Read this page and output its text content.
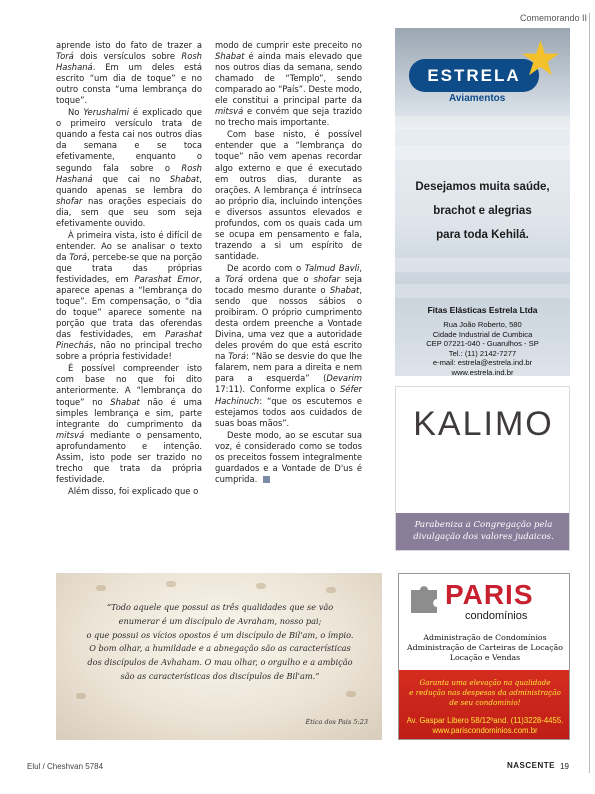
Comemorando II

aprende isto do fato de trazer a Torá dois versículos sobre Rosh Hashaná. Em um deles está escrito “um dia de toque” e no outro consta “uma lembrança do toque”.

No Yerushalmi é explicado que o primeiro versículo trata de quando a festa cai nos outros dias da semana e se toca efetivamente, enquanto o segundo fala sobre o Rosh Hashaná que cai no Shabat, quando apenas se lembra do shofar nas orações especiais do dia, sem que seu som seja efetivamente ouvido.

À primeira vista, isto é difícil de entender. Ao se analisar o texto da Torá, percebe-se que na porção que trata das próprias festividades, em Parashat Emor, aparece apenas a “lembrança do toque”. Em compensação, o “dia do toque” aparece somente na porção que trata das oferendas das festividades, em Parashat Pinechás, não no principal trecho sobre a própria festividade!

É possível compreender isto com base no que foi dito anteriormente. A “lembrança do toque” no Shabat não é uma simples lembrança e sim, parte integrante do cumprimento da mitsvá mediante o pensamento, aprofundamento e intenção. Assim, isto pode ser trazido no trecho que trata da própria festividade.

Além disso, foi explicado que o

modo de cumprir este preceito no Shabat é ainda mais elevado que nos outros dias da semana, sendo chamado de “Templo”, sendo comparado ao “País”. Deste modo, ele constitui a principal parte da mitsvá e convém que seja trazido no trecho mais importante.

Com base nisto, é possível entender que a “lembrança do toque” não vem apenas recordar algo externo e que é executado em outros dias, durante as orações. A lembrança é intrínseca ao próprio dia, incluindo intenções e diversos assuntos elevados e profundos, com os quais cada um se ocupa em pensamento e fala, trazendo a si um espírito de santidade.

De acordo com o Talmud Bavli, a Torá ordena que o shofar seja tocado mesmo durante o Shabat, sendo que nossos sábios o proibiram. O próprio cumprimento desta ordem preenche a Vontade Divina, uma vez que a autoridade deles provém do que está escrito na Torá: “Não se desvie do que lhe falarem, nem para a direita e nem para a esquerda” (Devarim 17:11). Conforme explica o Séfer Hachinuch: “que os escutemos e estejamos todos aos cuidados de suas boas mãos”.

Deste modo, ao se escutar sua voz, é considerado como se todos os preceitos fossem integralmente guardados e a Vontade de D'us é cumprida.

ESTRELA
★
Aviamentos
Desejamos muita saúde,
brachot e alegrias
para toda Kehilá.
Fitas Elásticas Estrela Ltda
Rua João Roberto, 580
Cidade Industrial de Cumbica
CEP 07221-040 - Guarulhos - SP
Tel.: (11) 2142-7277
e-mail: estrela@estrela.ind.br
www.estrela.ind.br
KALIMO
Parabeniza a Congregação pela
divulgação dos valores judaicos.
“Todo aquele que possui as três qualidades que se vão
enumerar é um discípulo de Avraham, nosso pai;
o que possui os vícios opostos é um discípulo de Bil'am, o ímpio.
O bom olhar, a humildade e a abnegação são as características
dos discípulos de Avhaham. O mau olhar, o orgulho e a ambição
são as características dos discípulos de Bil'am.”
Ética dos Pais 5:23
PARIS
condomínios
Administração de Condomínios
Administração de Carteiras de Locação
Locação e Vendas
Garanta uma elevação na qualidade
e redução nas despesas da administração
de seu condomínio!
Av. Gaspar Libero 58/12ºand. (11)3228-4455.
www.pariscondominios.com.br
Elul / Cheshvan 5784	NASCENTE 19
